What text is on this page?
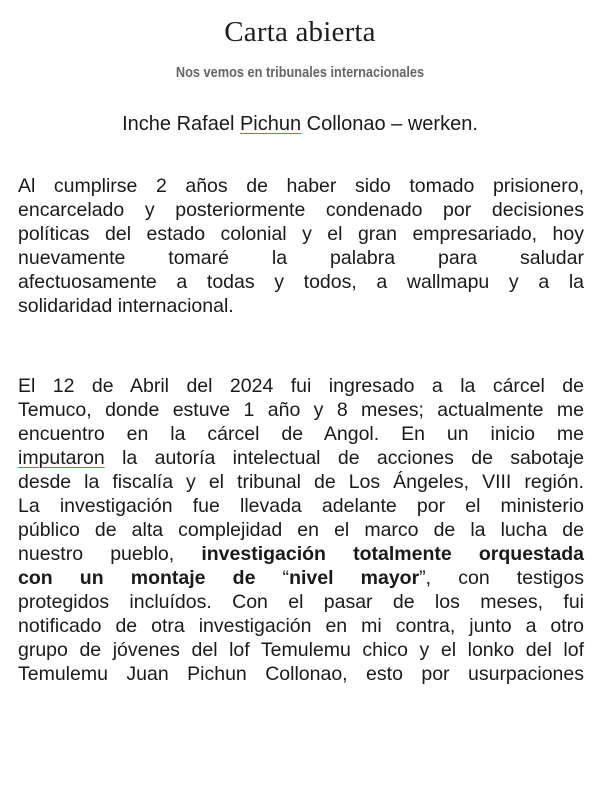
Carta abierta
Nos vemos en tribunales internacionales
Inche Rafael Pichun Collonao – werken.
Al cumplirse 2 años de haber sido tomado prisionero,
encarcelado y posteriormente condenado por decisiones
políticas del estado colonial y el gran empresariado, hoy
nuevamente tomaré la palabra para saludar
afectuosamente a todas y todos, a wallmapu y a la
solidaridad internacional.
El 12 de Abril del 2024 fui ingresado a la cárcel de
Temuco, donde estuve 1 año y 8 meses; actualmente me
encuentro en la cárcel de Angol. En un inicio me
imputaron la autoría intelectual de acciones de sabotaje
desde la fiscalía y el tribunal de Los Ángeles, VIII región.
La investigación fue llevada adelante por el ministerio
público de alta complejidad en el marco de la lucha de
nuestro pueblo, investigación totalmente orquestada
con un montaje de “nivel mayor”, con testigos
protegidos incluídos. Con el pasar de los meses, fui
notificado de otra investigación en mi contra, junto a otro
grupo de jóvenes del lof Temulemu chico y el lonko del lof
Temulemu Juan Pichun Collonao, esto por usurpaciones
